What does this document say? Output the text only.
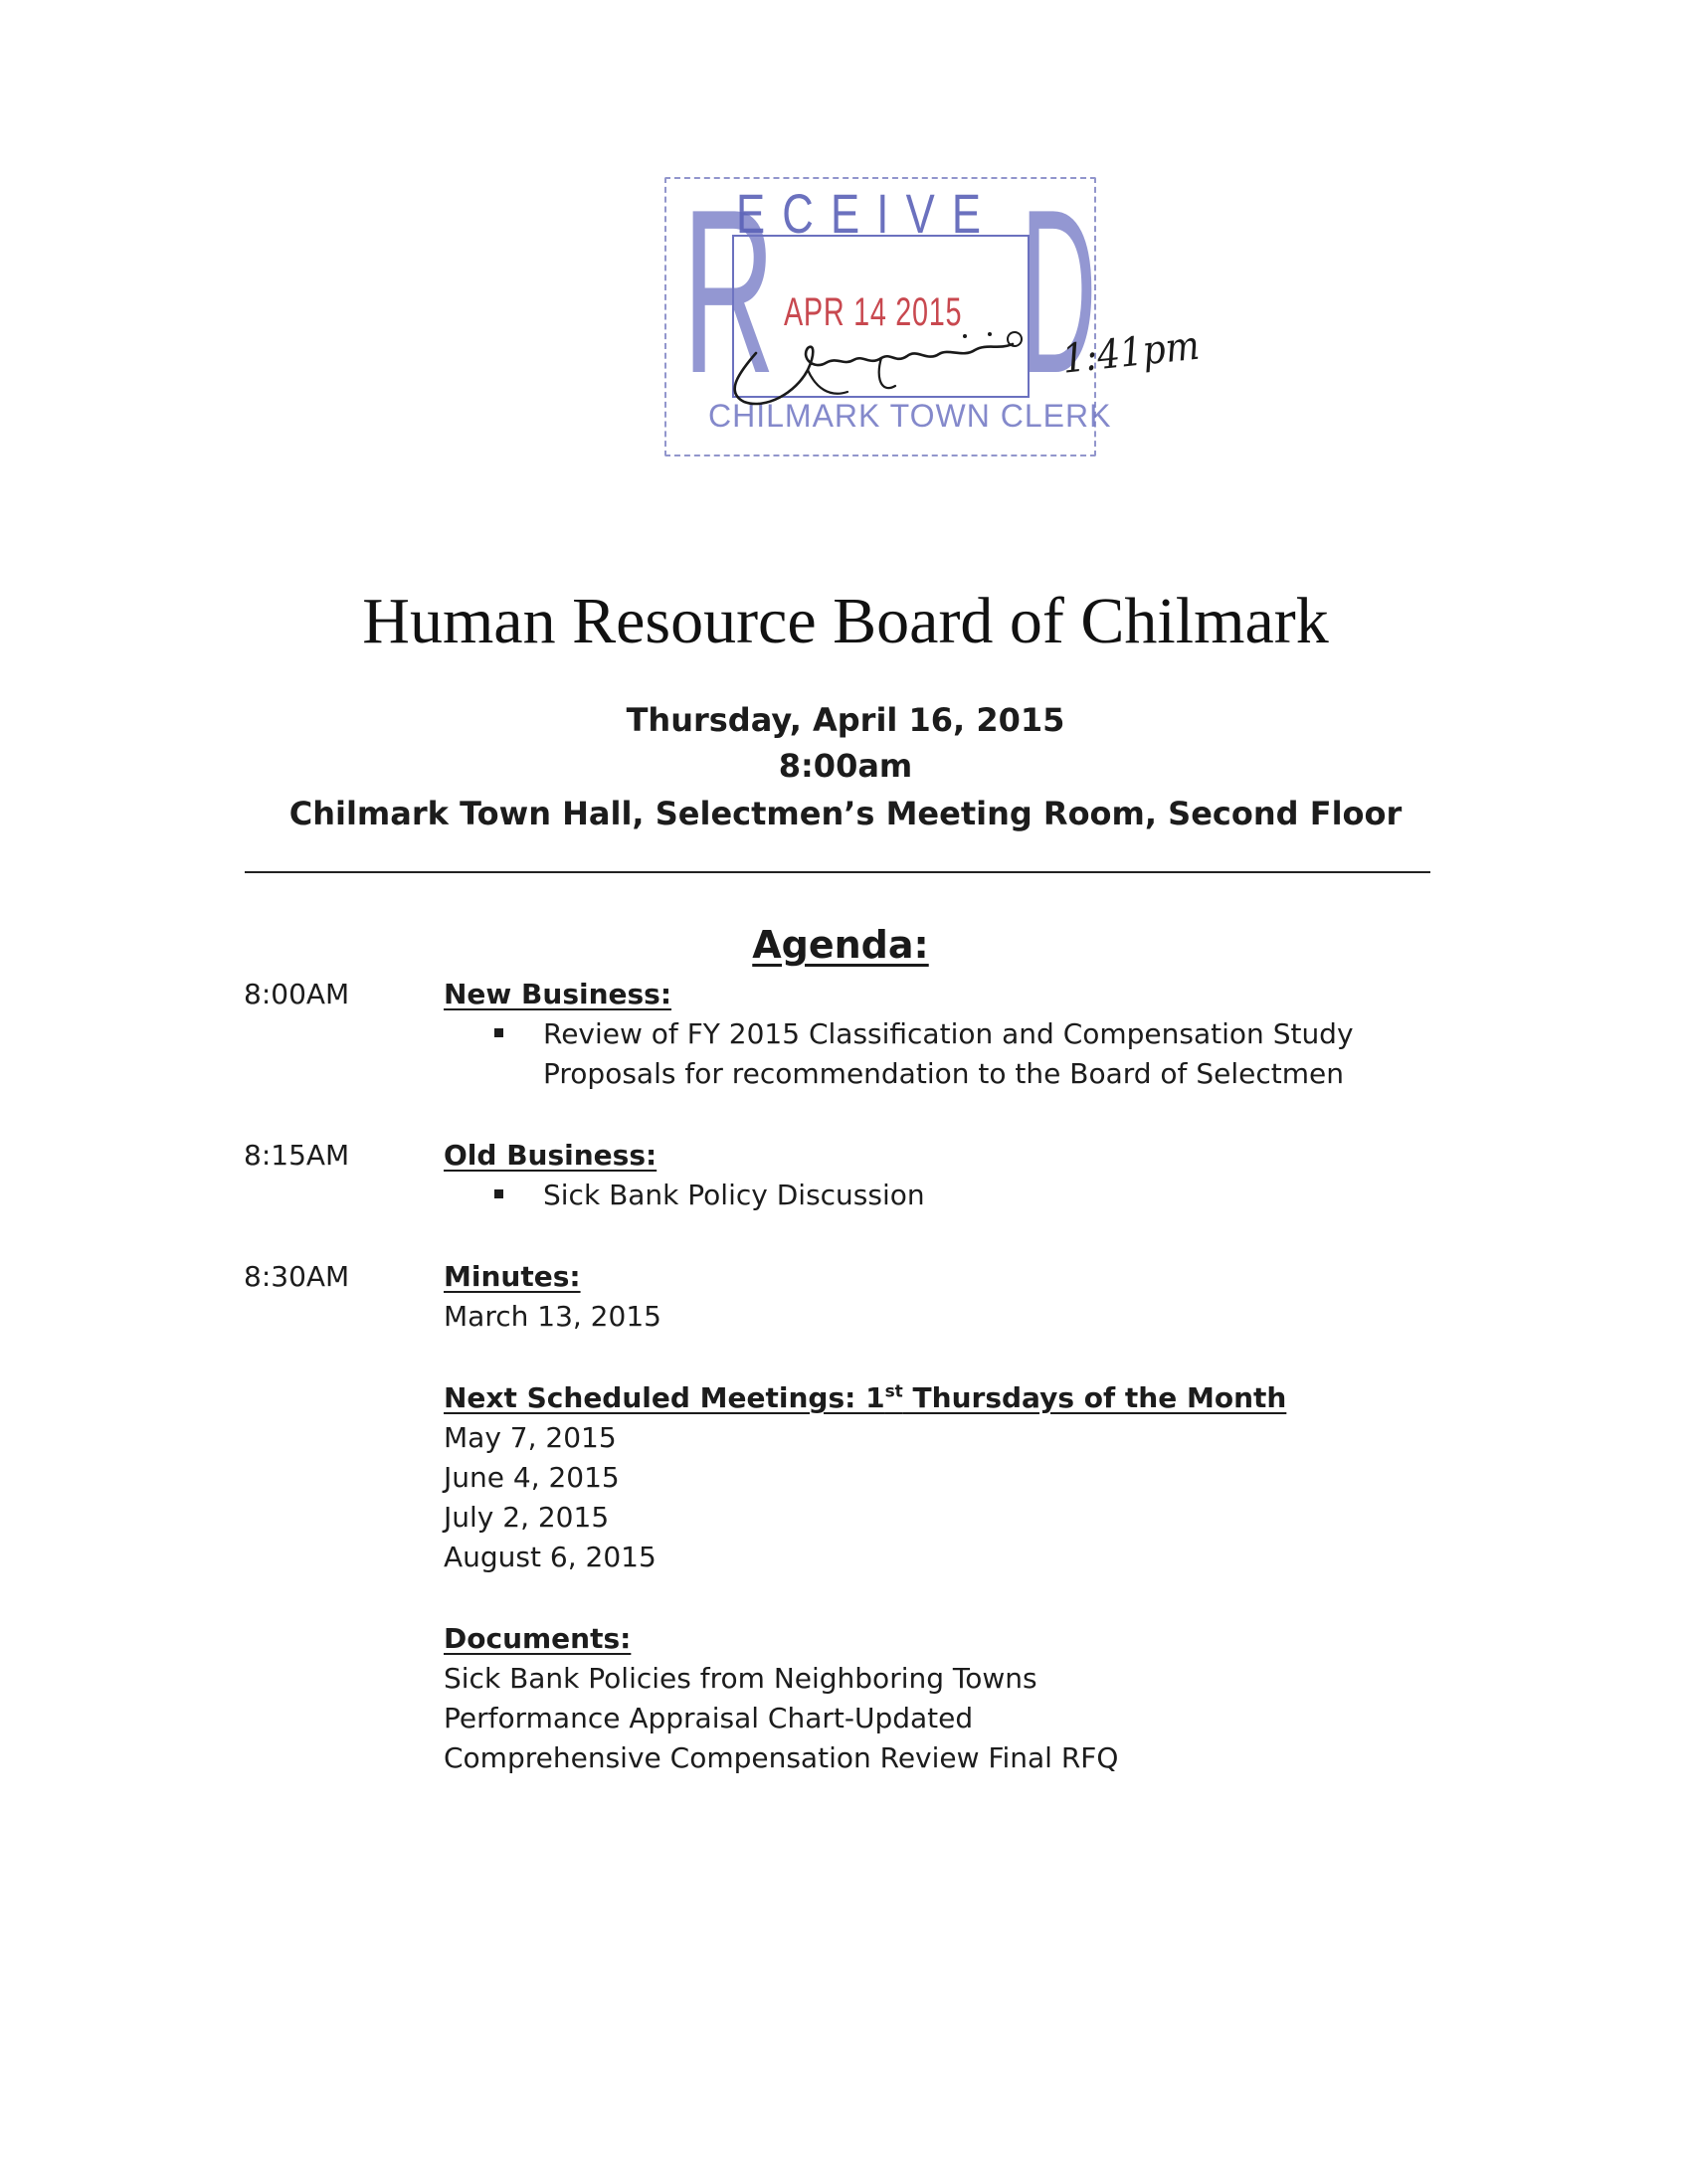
R D
ECEIVE
APR 14 2015
CHILMARK TOWN CLERK
1:41pm
Human Resource Board of Chilmark
Thursday, April 16, 2015
8:00am
Chilmark Town Hall, Selectmen’s Meeting Room, Second Floor
Agenda:
8:00AM	New Business:
Review of FY 2015 Classification and Compensation Study
Proposals for recommendation to the Board of Selectmen
8:15AM	Old Business:
Sick Bank Policy Discussion
8:30AM	Minutes:
March 13, 2015
Next Scheduled Meetings: 1st Thursdays of the Month
May 7, 2015
June 4, 2015
July 2, 2015
August 6, 2015
Documents:
Sick Bank Policies from Neighboring Towns
Performance Appraisal Chart-Updated
Comprehensive Compensation Review Final RFQ
